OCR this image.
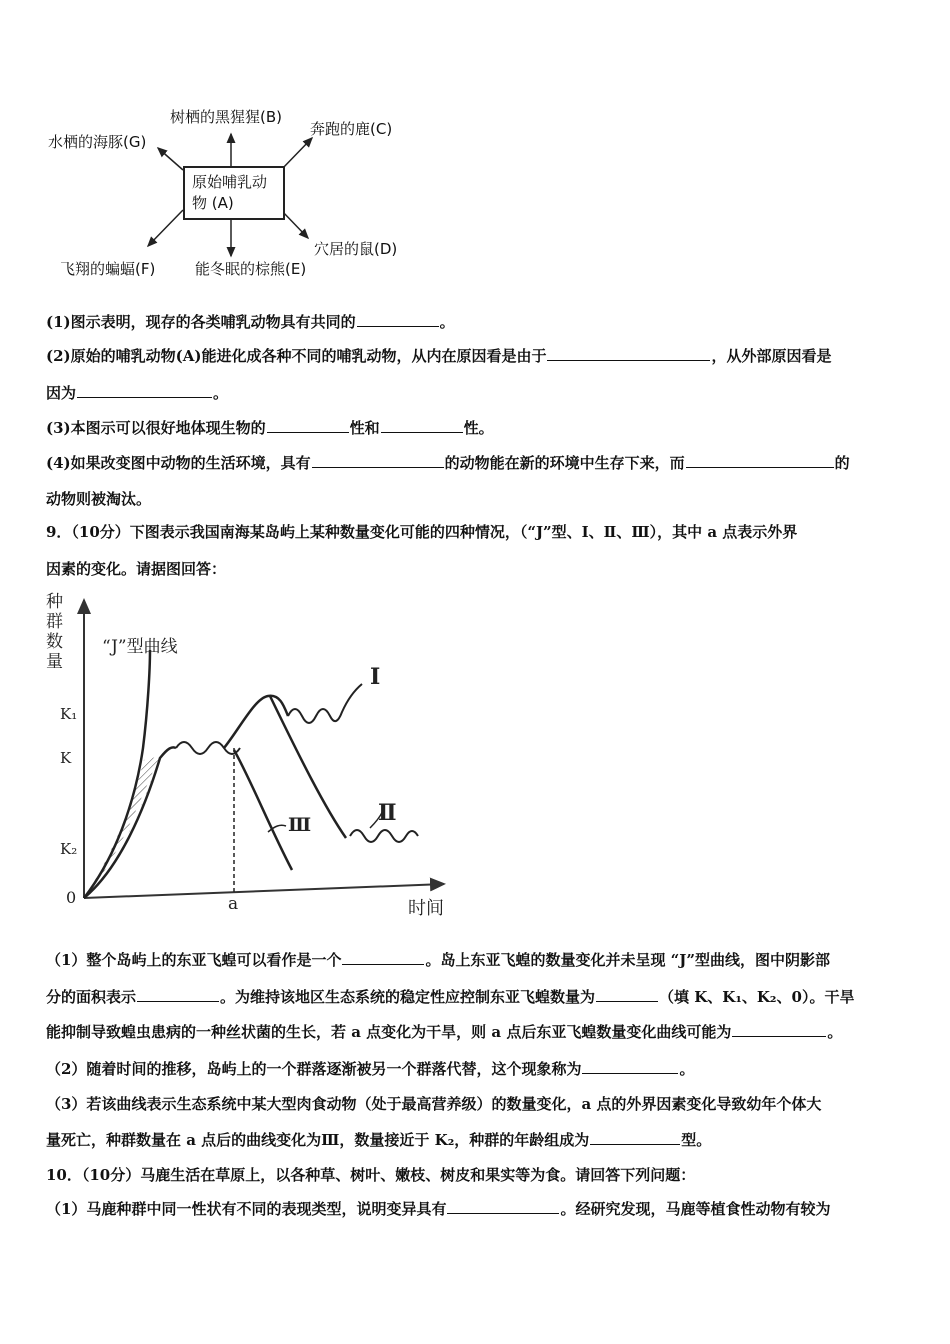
原始哺乳动
物 (A)
树栖的黑猩猩(B)
奔跑的鹿(C)
水栖的海豚(G)
穴居的鼠(D)
能冬眠的棕熊(E)
飞翔的蝙蝠(F)
(1)图示表明，现存的各类哺乳动物具有共同的	。
(2)原始的哺乳动物(A)能进化成各种不同的哺乳动物，从内在原因看是由于	，从外部原因看是
因为	。
(3)本图示可以很好地体现生物的	性和	性。
(4)如果改变图中动物的生活环境，具有	的动物能在新的环境中生存下来，而	的
动物则被淘汰。
9．（10分）下图表示我国南海某岛屿上某种数量变化可能的四种情况，（“J”型、Ⅰ、Ⅱ、Ⅲ），其中 a 点表示外界
因素的变化。请据图回答：
种群数量
“J”型曲线
K₁
K
K₂
0	a	时间
Ⅰ
Ⅱ
Ⅲ
（1）整个岛屿上的东亚飞蝗可以看作是一个	。岛上东亚飞蝗的数量变化并未呈现 “J”型曲线，图中阴影部
分的面积表示	。为维持该地区生态系统的稳定性应控制东亚飞蝗数量为	（填 K、K₁、K₂、0）。干旱
能抑制导致蝗虫患病的一种丝状菌的生长，若 a 点变化为干旱，则 a 点后东亚飞蝗数量变化曲线可能为	。
（2）随着时间的推移，岛屿上的一个群落逐渐被另一个群落代替，这个现象称为	。
（3）若该曲线表示生态系统中某大型肉食动物（处于最高营养级）的数量变化，a 点的外界因素变化导致幼年个体大
量死亡，种群数量在 a 点后的曲线变化为Ⅲ，数量接近于 K₂，种群的年龄组成为	型。
10．（10分）马鹿生活在草原上，以各种草、树叶、嫩枝、树皮和果实等为食。请回答下列问题：
（1）马鹿种群中同一性状有不同的表现类型，说明变异具有	。经研究发现，马鹿等植食性动物有较为
